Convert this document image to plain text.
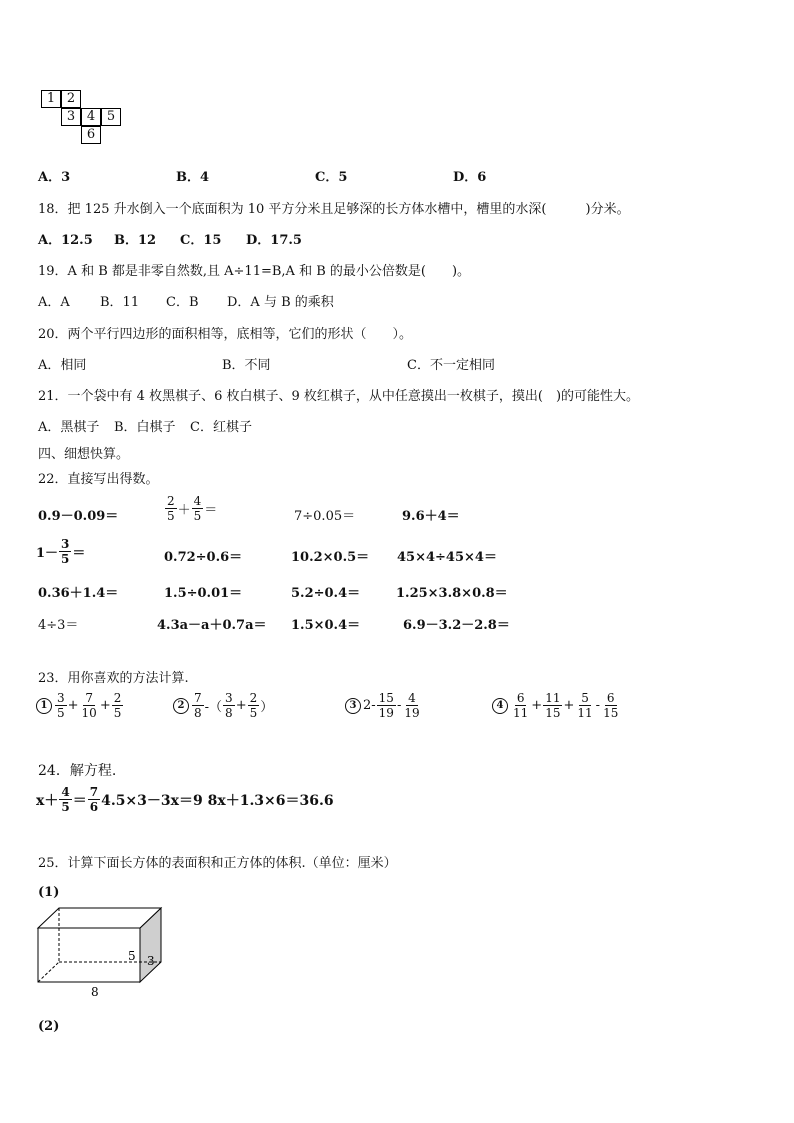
1 2
3 4 5
6
A．3	B．4	C．5	D．6
18．把 125 升水倒入一个底面积为 10 平方分米且足够深的长方体水槽中，槽里的水深(　　　)分米。
A．12.5 B．12 C．15 D．17.5
19．A 和 B 都是非零自然数,且 A÷11=B,A 和 B 的最小公倍数是(　　)。
A．A B．11 C．B D．A 与 B 的乘积
20．两个平行四边形的面积相等，底相等，它们的形状（　　）。
A．相同	B．不同	C．不一定相同
21．一个袋中有 4 枚黑棋子、6 枚白棋子、9 枚红棋子，从中任意摸出一枚棋子，摸出(　)的可能性大。
A．黑棋子 B．白棋子 C．红棋子
四、细想快算。
22．直接写出得数。
0.9－0.09＝	$\frac{2}{5} + \frac{4}{5}$ ＝	7÷0.05＝	9.6＋4＝
$1- \frac{3}{5}$ ＝	0.72÷0.6＝	10.2×0.5＝ 45×4÷45×4＝
0.36＋1.4＝	1.5÷0.01＝	5.2÷0.4＝	1.25×3.8×0.8＝
4÷3＝	4.3a－a＋0.7a＝ 1.5×0.4＝	6.9－3.2－2.8＝
23．用你喜欢的方法计算.
$1 \frac{3}{5} + \frac{7}{10} + \frac{2}{5}$	$2 \frac{7}{8}$ -（ $\frac{3}{8} + \frac{2}{5}$ ）	3 $2- \frac{15}{19} - \frac{4}{19}$	$4 \frac{6}{11} + \frac{11}{15} + \frac{5}{11} - \frac{6}{15}$
24．解方程.
$x+ \frac{4}{5} = \frac{7}{6} 4.5\times 3-3x=9$ 8x＋1.3×6＝36.6
25．计算下面长方体的表面积和正方体的体积.（单位：厘米）
(1)
5 3
8
(2)
